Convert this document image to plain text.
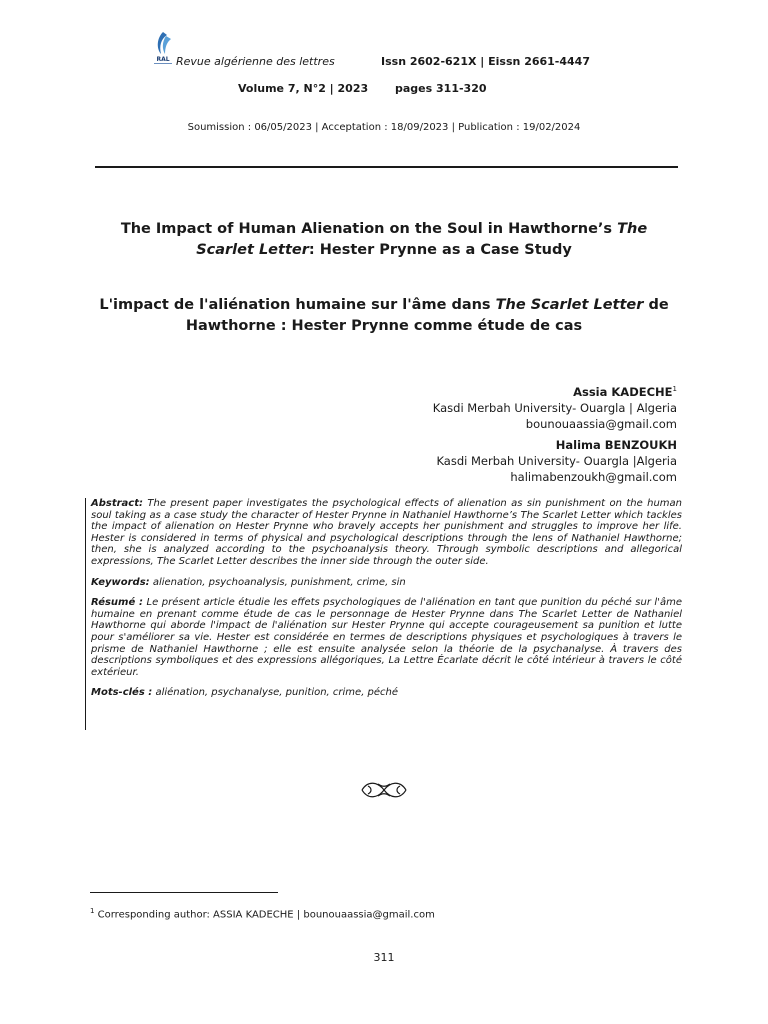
RAL Revue algérienne des lettres	Issn 2602-621X | Eissn 2661-4447
Volume 7, N°2 | 2023 pages 311-320
Soumission : 06/05/2023 | Acceptation : 18/09/2023 | Publication : 19/02/2024
The Impact of Human Alienation on the Soul in Hawthorne’s The Scarlet Letter: Hester Prynne as a Case Study
L'impact de l'aliénation humaine sur l'âme dans The Scarlet Letter de Hawthorne : Hester Prynne comme étude de cas
Assia KADECHE$^1$
Kasdi Merbah University- Ouargla | Algeria
bounouaassia@gmail.com
Halima BENZOUKH
Kasdi Merbah University- Ouargla |Algeria
halimabenzoukh@gmail.com

Abstract: The present paper investigates the psychological effects of alienation as sin punishment on the human soul taking as a case study the character of Hester Prynne in Nathaniel Hawthorne’s The Scarlet Letter which tackles the impact of alienation on Hester Prynne who bravely accepts her punishment and struggles to improve her life. Hester is considered in terms of physical and psychological descriptions through the lens of Nathaniel Hawthorne; then, she is analyzed according to the psychoanalysis theory. Through symbolic descriptions and allegorical expressions, The Scarlet Letter describes the inner side through the outer side.

Keywords: alienation, psychoanalysis, punishment, crime, sin

Résumé : Le présent article étudie les effets psychologiques de l'aliénation en tant que punition du péché sur l'âme humaine en prenant comme étude de cas le personnage de Hester Prynne dans The Scarlet Letter de Nathaniel Hawthorne qui aborde l'impact de l'aliénation sur Hester Prynne qui accepte courageusement sa punition et lutte pour s'améliorer sa vie. Hester est considérée en termes de descriptions physiques et psychologiques à travers le prisme de Nathaniel Hawthorne ; elle est ensuite analysée selon la théorie de la psychanalyse. À travers des descriptions symboliques et des expressions allégoriques, La Lettre Écarlate décrit le côté intérieur à travers le côté extérieur.

Mots-clés : aliénation, psychanalyse, punition, crime, péché

$^1$ Corresponding author: ASSIA KADECHE | bounouaassia@gmail.com
311
